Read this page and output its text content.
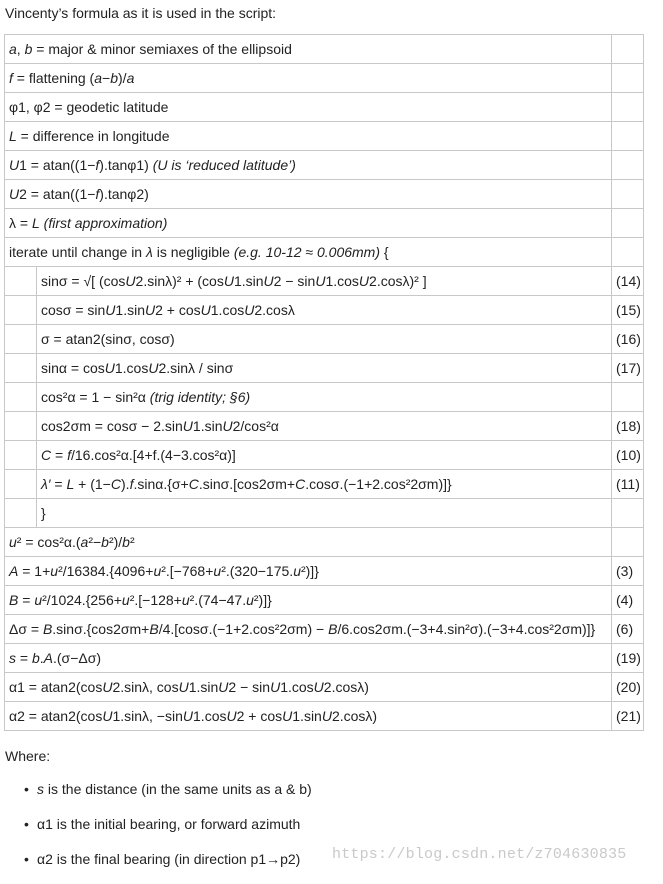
Vincenty’s formula as it is used in the script:
a, b = major & minor semiaxes of the ellipsoid		
f = flattening (a−b)/a		
φ1, φ2 = geodetic latitude		
L = difference in longitude		
U1 = atan((1−f).tanφ1) (U is ‘reduced latitude’)		
U2 = atan((1−f).tanφ2)		
λ = L (first approximation)		
iterate until change in λ is negligible (e.g. 10-12 ≈ 0.006mm) {		
	sinσ = √[ (cosU2.sinλ)² + (cosU1.sinU2 − sinU1.cosU2.cosλ)² ]	(14)
	cosσ = sinU1.sinU2 + cosU1.cosU2.cosλ	(15)
	σ = atan2(sinσ, cosσ)	(16)
	sinα = cosU1.cosU2.sinλ / sinσ	(17)
	cos²α = 1 − sin²α (trig identity; §6)	
	cos2σm = cosσ − 2.sinU1.sinU2/cos²α	(18)
	C = f/16.cos²α.[4+f.(4−3.cos²α)]	(10)
	λ′ = L + (1−C).f.sinα.{σ+C.sinσ.[cos2σm+C.cosσ.(−1+2.cos²2σm)]}	(11)
	}	
u² = cos²α.(a²−b²)/b²		
A = 1+u²/16384.{4096+u².[−768+u².(320−175.u²)]}		(3)
B = u²/1024.{256+u².[−128+u².(74−47.u²)]}		(4)
Δσ = B.sinσ.{cos2σm+B/4.[cosσ.(−1+2.cos²2σm) − B/6.cos2σm.(−3+4.sin²σ).(−3+4.cos²2σm)]}		(6)
s = b.A.(σ−Δσ)		(19)
α1 = atan2(cosU2.sinλ, cosU1.sinU2 − sinU1.cosU2.cosλ)		(20)
α2 = atan2(cosU1.sinλ, −sinU1.cosU2 + cosU1.sinU2.cosλ)		(21)
Where:
• s is the distance (in the same units as a & b)
• α1 is the initial bearing, or forward azimuth
• α2 is the final bearing (in direction p1→p2)	https://blog.csdn.net/z704630835
